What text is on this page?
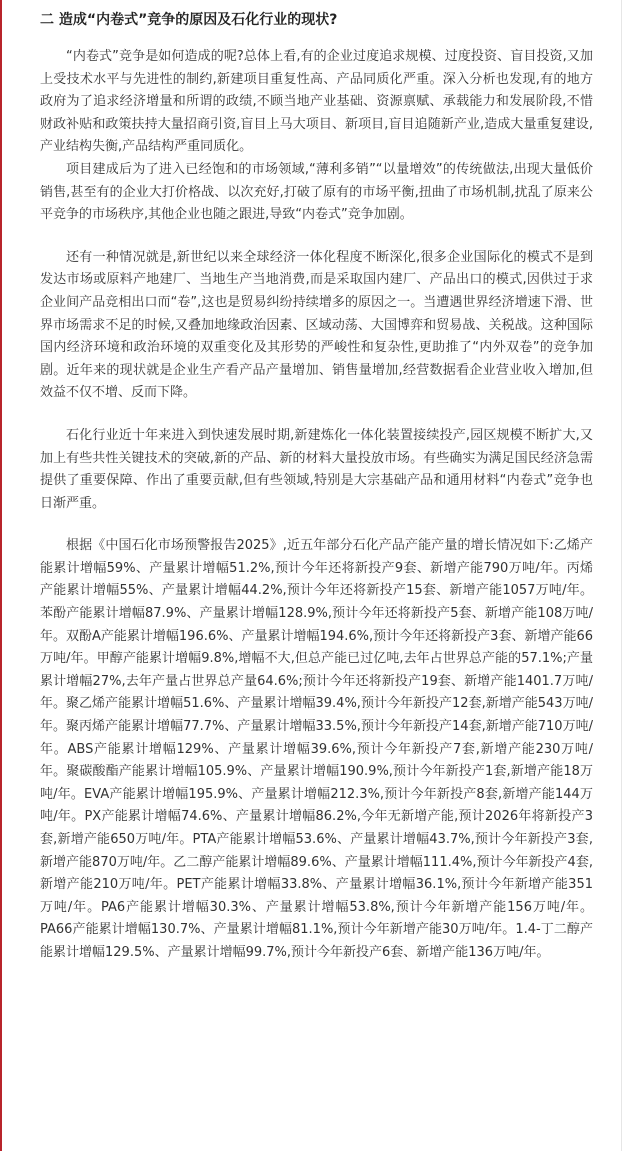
二 造成“内卷式”竞争的原因及石化行业的现状?

“内卷式”竞争是如何造成的呢?总体上看,有的企业过度追求规模、过度投资、盲目投资,又加上受技术水平与先进性的制约,新建项目重复性高、产品同质化严重。深入分析也发现,有的地方政府为了追求经济增量和所谓的政绩,不顾当地产业基础、资源禀赋、承载能力和发展阶段,不惜财政补贴和政策扶持大量招商引资,盲目上马大项目、新项目,盲目追随新产业,造成大量重复建设,产业结构失衡,产品结构严重同质化。

项目建成后为了进入已经饱和的市场领域,“薄利多销”“以量增效”的传统做法,出现大量低价销售,甚至有的企业大打价格战、以次充好,打破了原有的市场平衡,扭曲了市场机制,扰乱了原来公平竞争的市场秩序,其他企业也随之跟进,导致“内卷式”竞争加剧。

还有一种情况就是,新世纪以来全球经济一体化程度不断深化,很多企业国际化的模式不是到发达市场或原料产地建厂、当地生产当地消费,而是采取国内建厂、产品出口的模式,因供过于求企业间产品竞相出口而“卷”,这也是贸易纠纷持续增多的原因之一。当遭遇世界经济增速下滑、世界市场需求不足的时候,又叠加地缘政治因素、区域动荡、大国博弈和贸易战、关税战。这种国际国内经济环境和政治环境的双重变化及其形势的严峻性和复杂性,更助推了“内外双卷”的竞争加剧。近年来的现状就是企业生产看产品产量增加、销售量增加,经营数据看企业营业收入增加,但效益不仅不增、反而下降。

石化行业近十年来进入到快速发展时期,新建炼化一体化装置接续投产,园区规模不断扩大,又加上有些共性关键技术的突破,新的产品、新的材料大量投放市场。有些确实为满足国民经济急需提供了重要保障、作出了重要贡献,但有些领域,特别是大宗基础产品和通用材料“内卷式”竞争也日渐严重。

根据《中国石化市场预警报告2025》,近五年部分石化产品产能产量的增长情况如下:乙烯产能累计增幅59%、产量累计增幅51.2%,预计今年还将新投产9套、新增产能790万吨/年。丙烯产能累计增幅55%、产量累计增幅44.2%,预计今年还将新投产15套、新增产能1057万吨/年。苯酚产能累计增幅87.9%、产量累计增幅128.9%,预计今年还将新投产5套、新增产能108万吨/年。双酚A产能累计增幅196.6%、产量累计增幅194.6%,预计今年还将新投产3套、新增产能66万吨/年。甲醇产能累计增幅9.8%,增幅不大,但总产能已过亿吨,去年占世界总产能的57.1%;产量累计增幅27%,去年产量占世界总产量64.6%;预计今年还将新投产19套、新增产能1401.7万吨/年。聚乙烯产能累计增幅51.6%、产量累计增幅39.4%,预计今年新投产12套,新增产能543万吨/年。聚丙烯产能累计增幅77.7%、产量累计增幅33.5%,预计今年新投产14套,新增产能710万吨/年。ABS产能累计增幅129%、产量累计增幅39.6%,预计今年新投产7套,新增产能230万吨/年。聚碳酸酯产能累计增幅105.9%、产量累计增幅190.9%,预计今年新投产1套,新增产能18万吨/年。EVA产能累计增幅195.9%、产量累计增幅212.3%,预计今年新投产8套,新增产能144万吨/年。PX产能累计增幅74.6%、产量累计增幅86.2%,今年无新增产能,预计2026年将新投产3套,新增产能650万吨/年。PTA产能累计增幅53.6%、产量累计增幅43.7%,预计今年新投产3套,新增产能870万吨/年。乙二醇产能累计增幅89.6%、产量累计增幅111.4%,预计今年新投产4套,新增产能210万吨/年。PET产能累计增幅33.8%、产量累计增幅36.1%,预计今年新增产能351万吨/年。PA6产能累计增幅30.3%、产量累计增幅53.8%,预计今年新增产能156万吨/年。PA66产能累计增幅130.7%、产量累计增幅81.1%,预计今年新增产能30万吨/年。1.4-丁二醇产能累计增幅129.5%、产量累计增幅99.7%,预计今年新投产6套、新增产能136万吨/年。
